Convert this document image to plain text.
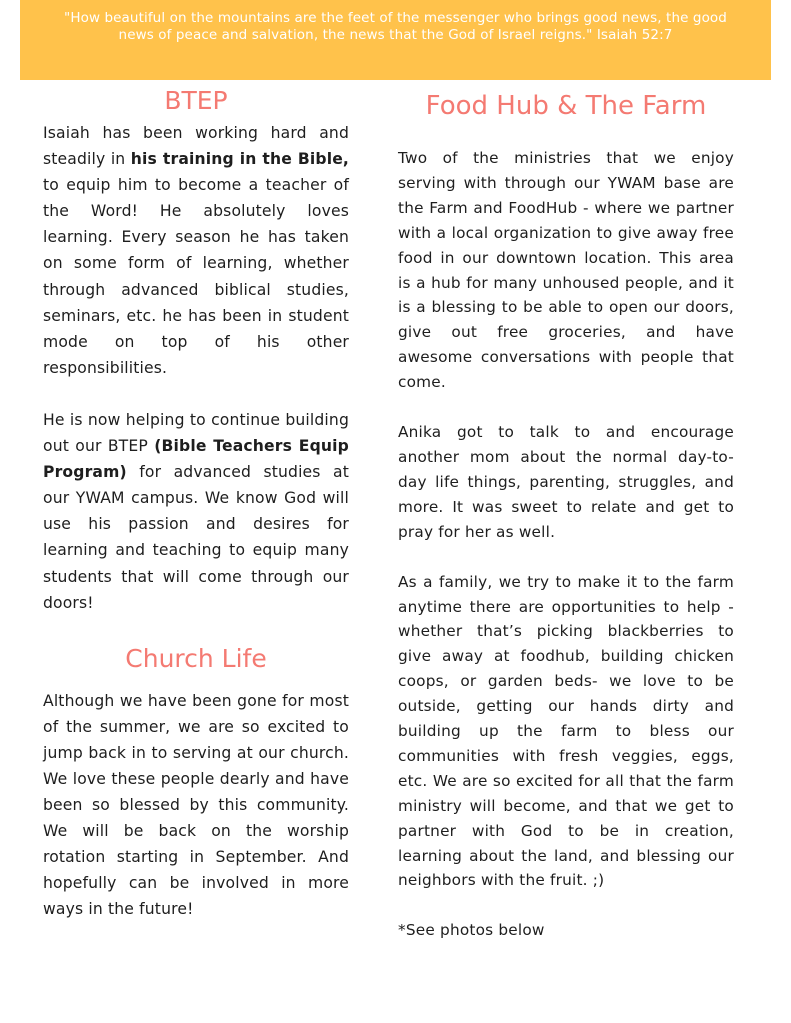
"How beautiful on the mountains are the feet of the messenger who brings good news, the good news of peace and salvation, the news that the God of Israel reigns." Isaiah 52:7
BTEP

Isaiah has been working hard and steadily in his training in the Bible, to equip him to become a teacher of the Word! He absolutely loves learning. Every season he has taken on some form of learning, whether through advanced biblical studies, seminars, etc. he has been in student mode on top of his other responsibilities.

He is now helping to continue building out our BTEP (Bible Teachers Equip Program) for advanced studies at our YWAM campus. We know God will use his passion and desires for learning and teaching to equip many students that will come through our doors!

Church Life

Although we have been gone for most of the summer, we are so excited to jump back in to serving at our church. We love these people dearly and have been so blessed by this community. We will be back on the worship rotation starting in September. And hopefully can be involved in more ways in the future!

Food Hub & The Farm

Two of the ministries that we enjoy serving with through our YWAM base are the Farm and FoodHub - where we partner with a local organization to give away free food in our downtown location. This area is a hub for many unhoused people, and it is a blessing to be able to open our doors, give out free groceries, and have awesome conversations with people that come.

Anika got to talk to and encourage another mom about the normal day-to-day life things, parenting, struggles, and more. It was sweet to relate and get to pray for her as well.

As a family, we try to make it to the farm anytime there are opportunities to help - whether that’s picking blackberries to give away at foodhub, building chicken coops, or garden beds- we love to be outside, getting our hands dirty and building up the farm to bless our communities with fresh veggies, eggs, etc. We are so excited for all that the farm ministry will become, and that we get to partner with God to be in creation, learning about the land, and blessing our neighbors with the fruit. ;)

*See photos below
